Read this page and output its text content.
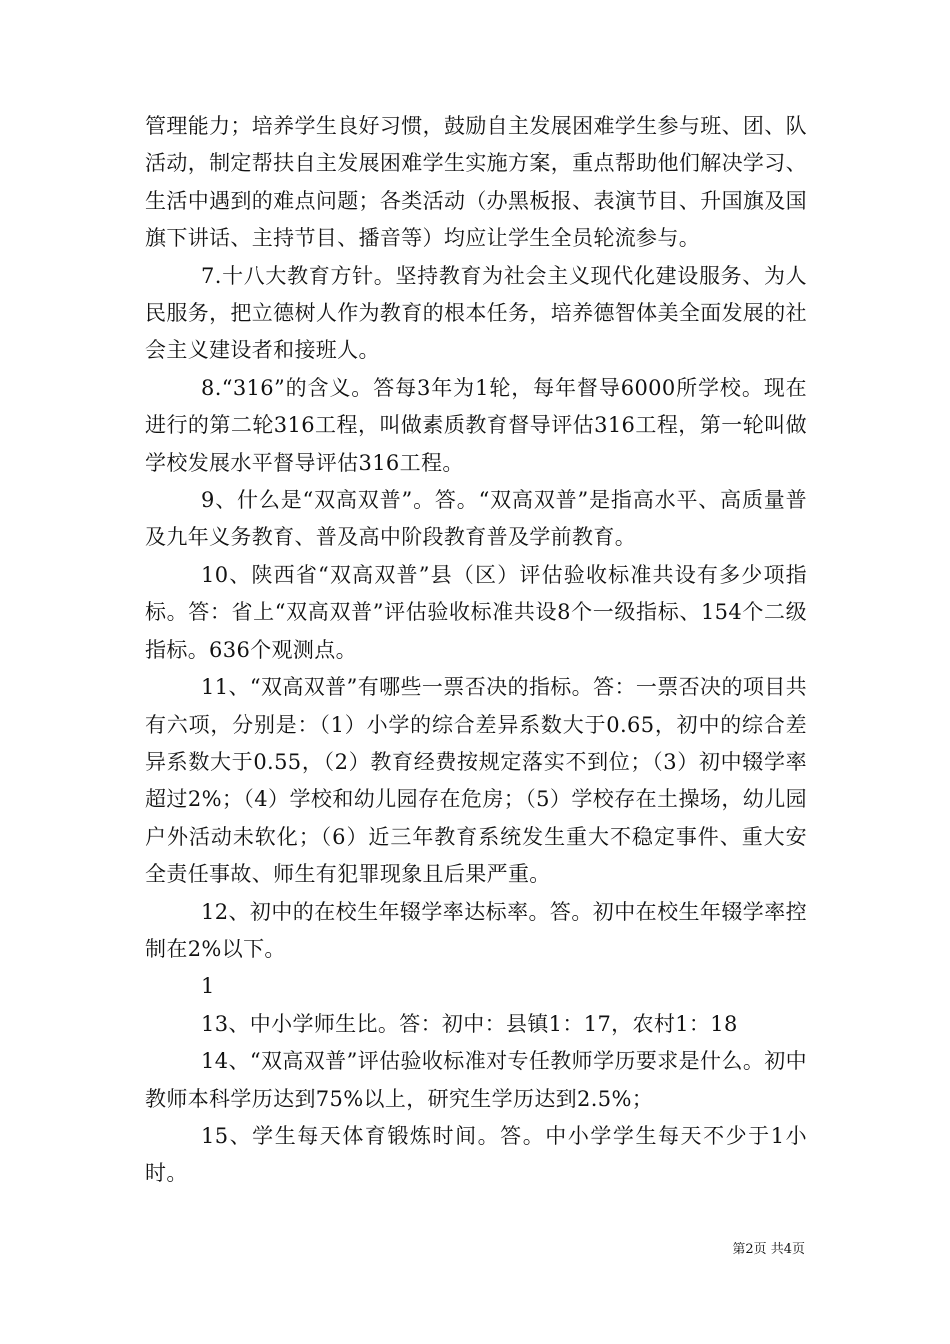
管理能力；培养学生良好习惯，鼓励自主发展困难学生参与班、团、队活动，制定帮扶自主发展困难学生实施方案，重点帮助他们解决学习、生活中遇到的难点问题；各类活动（办黑板报、表演节目、升国旗及国旗下讲话、主持节目、播音等）均应让学生全员轮流参与。

7.十八大教育方针。坚持教育为社会主义现代化建设服务、为人民服务，把立德树人作为教育的根本任务，培养德智体美全面发展的社会主义建设者和接班人。

8.“316”的含义。答每3年为1轮，每年督导6000所学校。现在进行的第二轮316工程，叫做素质教育督导评估316工程，第一轮叫做学校发展水平督导评估316工程。

9、什么是“双高双普”。答。“双高双普”是指高水平、高质量普及九年义务教育、普及高中阶段教育普及学前教育。

10、陕西省“双高双普”县（区）评估验收标准共设有多少项指标。答：省上“双高双普”评估验收标准共设8个一级指标、154个二级指标。636个观测点。

11、“双高双普”有哪些一票否决的指标。答：一票否决的项目共有六项，分别是：（1）小学的综合差异系数大于0.65，初中的综合差异系数大于0.55，（2）教育经费按规定落实不到位；（3）初中辍学率超过2%；（4）学校和幼儿园存在危房；（5）学校存在土操场，幼儿园户外活动未软化；（6）近三年教育系统发生重大不稳定事件、重大安全责任事故、师生有犯罪现象且后果严重。

12、初中的在校生年辍学率达标率。答。初中在校生年辍学率控制在2%以下。

1

13、中小学师生比。答：初中：县镇1：17，农村1：18

14、“双高双普”评估验收标准对专任教师学历要求是什么。初中教师本科学历达到75%以上，研究生学历达到2.5%；

15、学生每天体育锻炼时间。答。中小学学生每天不少于1小时。

第2页 共4页
